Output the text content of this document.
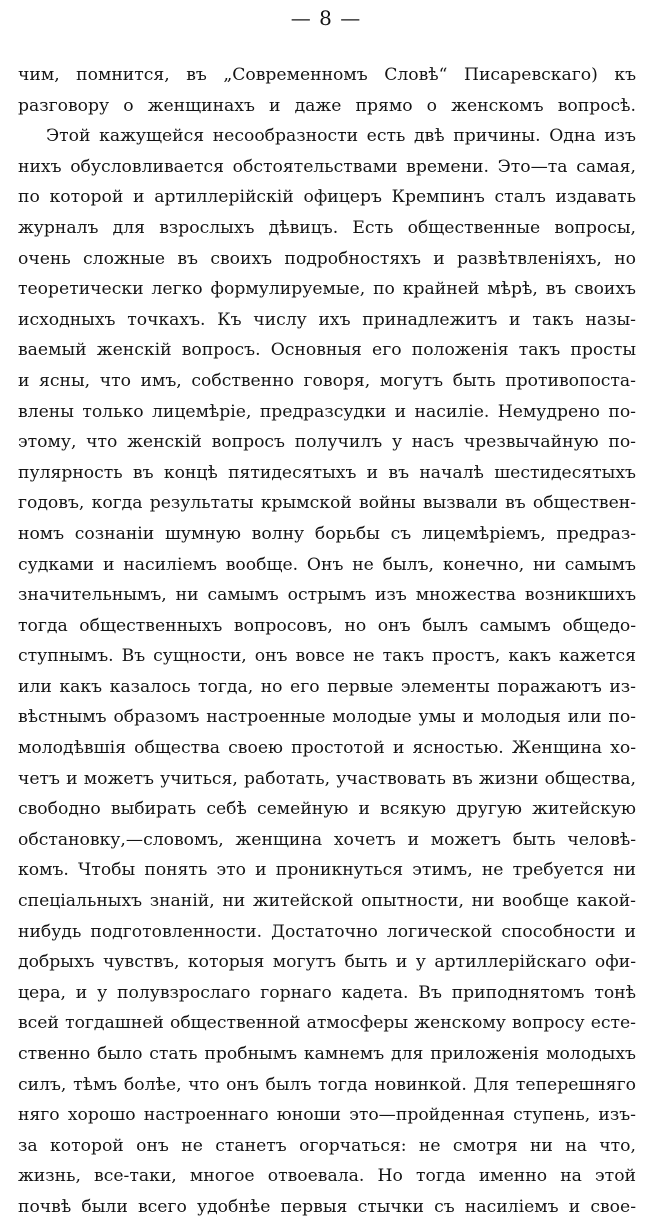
— 8 —
чим, помнится, въ „Современномъ Словѣ“ Писаревскаго) къ
разговору о женщинахъ и даже прямо о женскомъ вопросѣ.
Этой кажущейся несообразности есть двѣ причины. Одна изъ
нихъ обусловливается обстоятельствами времени. Это—та самая,
по которой и артиллерійскій офицеръ Кремпинъ сталъ издавать
журналъ для взрослыхъ дѣвицъ. Есть общественные вопросы,
очень сложные въ своихъ подробностяхъ и развѣтвленіяхъ, но
теоретически легко формулируемые, по крайней мѣрѣ, въ своихъ
исходныхъ точкахъ. Къ числу ихъ принадлежитъ и такъ назы-
ваемый женскій вопросъ. Основныя его положенія такъ просты
и ясны, что имъ, собственно говоря, могутъ быть противопоста-
влены только лицемѣріе, предразсудки и насиліе. Немудрено по-
этому, что женскій вопросъ получилъ у насъ чрезвычайную по-
пулярность въ концѣ пятидесятыхъ и въ началѣ шестидесятыхъ
годовъ, когда результаты крымской войны вызвали въ обществен-
номъ сознаніи шумную волну борьбы съ лицемѣріемъ, предраз-
судками и насиліемъ вообще. Онъ не былъ, конечно, ни самымъ
значительнымъ, ни самымъ острымъ изъ множества возникшихъ
тогда общественныхъ вопросовъ, но онъ былъ самымъ общедо-
ступнымъ. Въ сущности, онъ вовсе не такъ простъ, какъ кажется
или какъ казалось тогда, но его первые элементы поражаютъ из-
вѣстнымъ образомъ настроенные молодые умы и молодыя или по-
молодѣвшія общества своею простотой и ясностью. Женщина хо-
четъ и можетъ учиться, работать, участвовать въ жизни общества,
свободно выбирать себѣ семейную и всякую другую житейскую
обстановку,—словомъ, женщина хочетъ и можетъ быть человѣ-
комъ. Чтобы понять это и проникнуться этимъ, не требуется ни
спеціальныхъ знаній, ни житейской опытности, ни вообще какой-
нибудь подготовленности. Достаточно логической способности и
добрыхъ чувствъ, которыя могутъ быть и у артиллерійскаго офи-
цера, и у полувзрослаго горнаго кадета. Въ приподнятомъ тонѣ
всей тогдашней общественной атмосферы женскому вопросу есте-
ственно было стать пробнымъ камнемъ для приложенія молодыхъ
силъ, тѣмъ болѣе, что онъ былъ тогда новинкой. Для теперешняго
няго хорошо настроеннаго юноши это—пройденная ступень, изъ-
за которой онъ не станетъ огорчаться: не смотря ни на что,
жизнь, все-таки, многое отвоевала. Но тогда именно на этой
почвѣ были всего удобнѣе первыя стычки съ насиліемъ и свое-
